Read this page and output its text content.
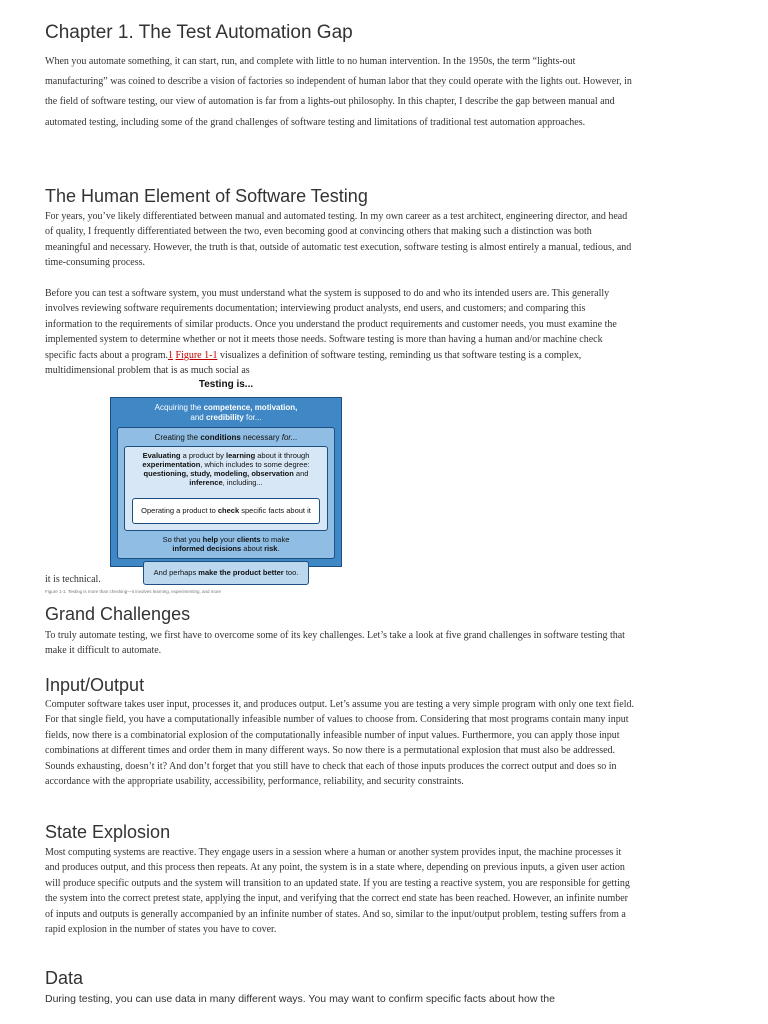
Chapter 1. The Test Automation Gap

When you automate something, it can start, run, and complete with little to no human intervention. In the 1950s, the term “lights-out manufacturing” was coined to describe a vision of factories so independent of human labor that they could operate with the lights out. However, in the field of software testing, our view of automation is far from a lights-out philosophy. In this chapter, I describe the gap between manual and automated testing, including some of the grand challenges of software testing and limitations of traditional test automation approaches.

The Human Element of Software Testing

For years, you’ve likely differentiated between manual and automated testing. In my own career as a test architect, engineering director, and head of quality, I frequently differentiated between the two, even becoming good at convincing others that making such a distinction was both meaningful and necessary. However, the truth is that, outside of automatic test execution, software testing is almost entirely a manual, tedious, and time-consuming process.

Before you can test a software system, you must understand what the system is supposed to do and who its intended users are. This generally involves reviewing software requirements documentation; interviewing product analysts, end users, and customers; and comparing this information to the requirements of similar products. Once you understand the product requirements and customer needs, you must examine the implemented system to determine whether or not it meets those needs. Software testing is more than having a human and/or machine check specific facts about a program.1 Figure 1-1 visualizes a definition of software testing, reminding us that software testing is a complex, multidimensional problem that is as much social as

Testing is...
Acquiring the competence, motivation,
and credibility for...
Creating the conditions necessary for...
Evaluating a product by learning about it through experimentation, which includes to some degree: questioning, study, modeling, observation and inference, including...
Operating a product to check specific facts about it
So that you help your clients to make
informed decisions about risk.
And perhaps make the product better too.
it is technical.
Figure 1-1. Testing is more than checking—it involves learning, experimenting, and more
Grand Challenges

To truly automate testing, we first have to overcome some of its key challenges. Let’s take a look at five grand challenges in software testing that make it difficult to automate.

Input/Output

Computer software takes user input, processes it, and produces output. Let’s assume you are testing a very simple program with only one text field. For that single field, you have a computationally infeasible number of values to choose from. Considering that most programs contain many input fields, now there is a combinatorial explosion of the computationally infeasible number of input values. Furthermore, you can apply those input combinations at different times and order them in many different ways. So now there is a permutational explosion that must also be addressed. Sounds exhausting, doesn’t it? And don’t forget that you still have to check that each of those inputs produces the correct output and does so in accordance with the appropriate usability, accessibility, performance, reliability, and security constraints.

State Explosion

Most computing systems are reactive. They engage users in a session where a human or another system provides input, the machine processes it and produces output, and this process then repeats. At any point, the system is in a state where, depending on previous inputs, a given user action will produce specific outputs and the system will transition to an updated state. If you are testing a reactive system, you are responsible for getting the system into the correct pretest state, applying the input, and verifying that the correct end state has been reached. However, an infinite number of inputs and outputs is generally accompanied by an infinite number of states. And so, similar to the input/output problem, testing suffers from a rapid explosion in the number of states you have to cover.

Data

During testing, you can use data in many different ways. You may want to confirm specific facts about how the
